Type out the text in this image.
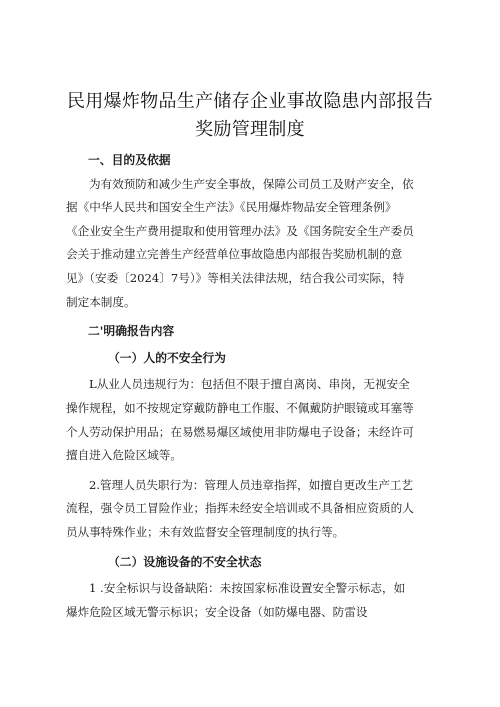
民用爆炸物品生产储存企业事故隐患内部报告
奖励管理制度
一、目的及依据
为有效预防和减少生产安全事故，保障公司员工及财产安全，依
据《中华人民共和国安全生产法》《民用爆炸物品安全管理条例》
《企业安全生产费用提取和使用管理办法》及《国务院安全生产委员
会关于推动建立完善生产经营单位事故隐患内部报告奖励机制的意
见》（安委〔2024〕7号）》等相关法律法规，结合我公司实际，特
制定本制度。
二'明确报告内容
（一）人的不安全行为
L从业人员违规行为：包括但不限于擅自离岗、串岗，无视安全
操作规程，如不按规定穿戴防静电工作服、不佩戴防护眼镜或耳塞等
个人劳动保护用品；在易燃易爆区域使用非防爆电子设备；未经许可
擅自进入危险区域等。
2.管理人员失职行为：管理人员违章指挥，如擅自更改生产工艺
流程，强令员工冒险作业；指挥未经安全培训或不具备相应资质的人
员从事特殊作业；未有效监督安全管理制度的执行等。
（二）设施设备的不安全状态
1 .安全标识与设备缺陷：未按国家标准设置安全警示标志，如
爆炸危险区域无警示标识；安全设备（如防爆电器、防雷设
